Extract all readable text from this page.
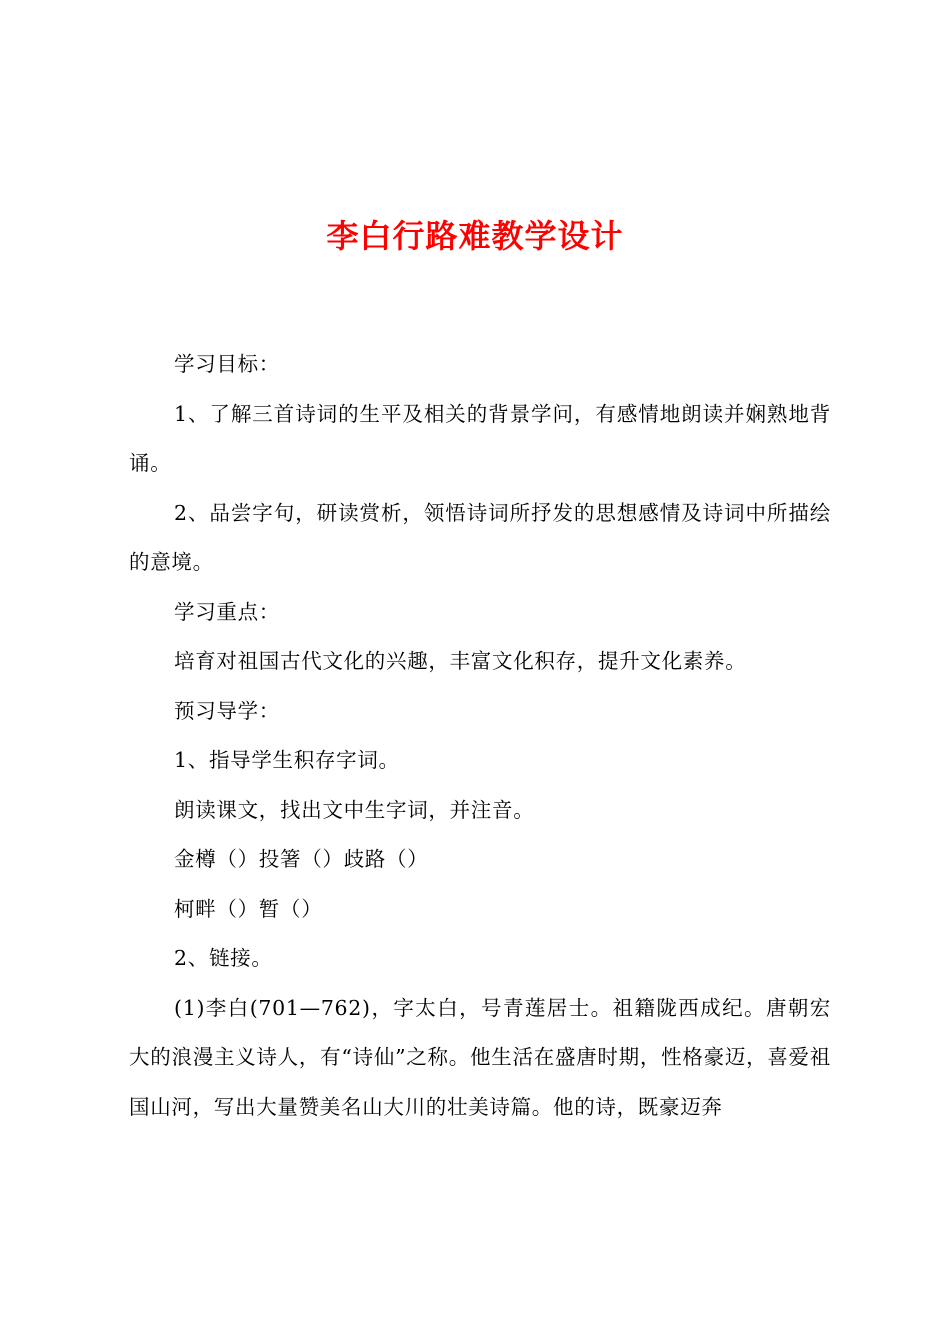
李白行路难教学设计

学习目标：

1、了解三首诗词的生平及相关的背景学问，有感情地朗读并娴熟地背诵。

2、品尝字句，研读赏析，领悟诗词所抒发的思想感情及诗词中所描绘的意境。

学习重点：

培育对祖国古代文化的兴趣，丰富文化积存，提升文化素养。

预习导学：

1、指导学生积存字词。

朗读课文，找出文中生字词，并注音。

金樽（）投箸（）歧路（）

柯畔（）暂（）

2、链接。

(1)李白(701—762)，字太白，号青莲居士。祖籍陇西成纪。唐朝宏大的浪漫主义诗人，有“诗仙”之称。他生活在盛唐时期，性格豪迈，喜爱祖国山河，写出大量赞美名山大川的壮美诗篇。他的诗，既豪迈奔
